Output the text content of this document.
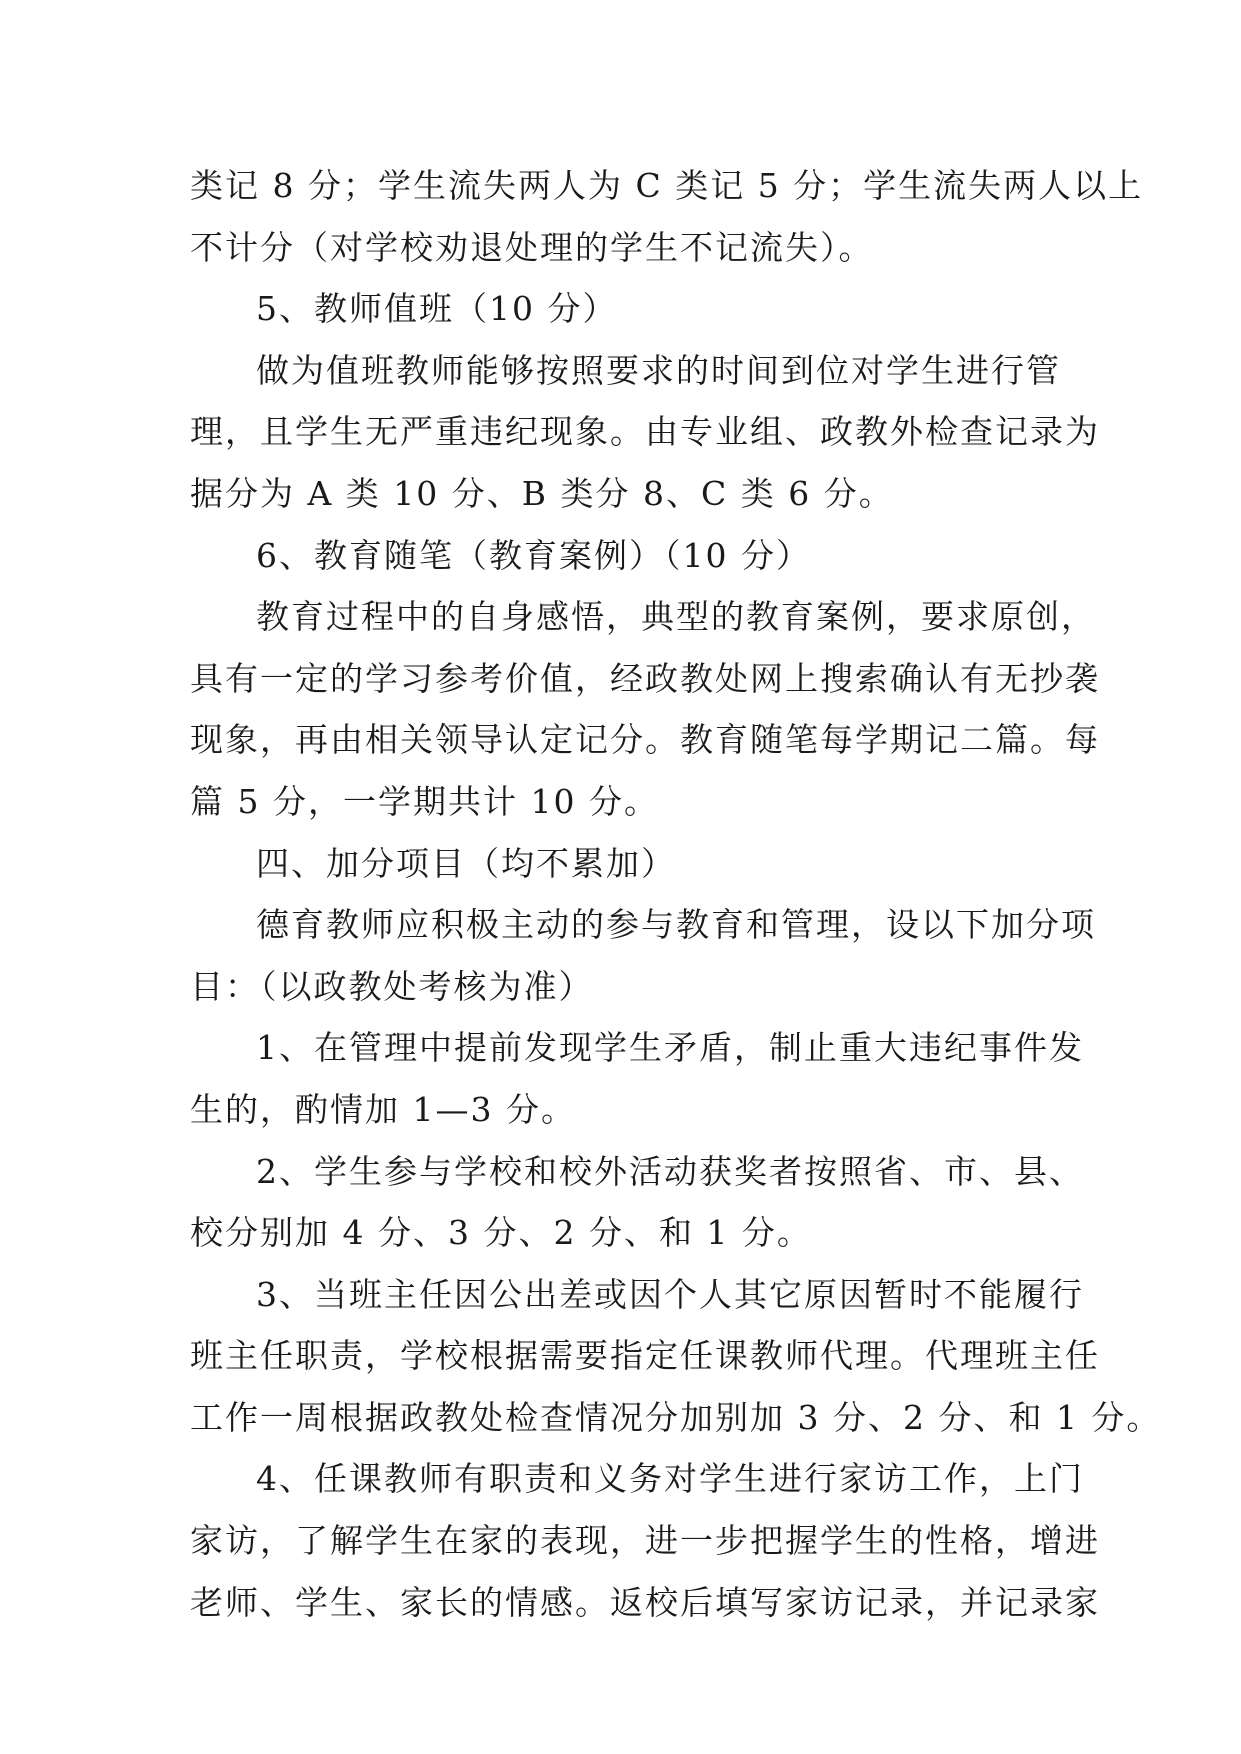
类记 8 分；学生流失两人为 C 类记 5 分；学生流失两人以上
不计分（对学校劝退处理的学生不记流失）。
5、教师值班（10 分）
做为值班教师能够按照要求的时间到位对学生进行管
理，且学生无严重违纪现象。由专业组、政教外检查记录为
据分为 A 类 10 分、B 类分 8、C 类 6 分。
6、教育随笔（教育案例）（10 分）
教育过程中的自身感悟，典型的教育案例，要求原创，
具有一定的学习参考价值，经政教处网上搜索确认有无抄袭
现象，再由相关领导认定记分。教育随笔每学期记二篇。每
篇 5 分，一学期共计 10 分。
四、加分项目（均不累加）
德育教师应积极主动的参与教育和管理，设以下加分项
目：（以政教处考核为准）
1、在管理中提前发现学生矛盾，制止重大违纪事件发
生的，酌情加 1—3 分。
2、学生参与学校和校外活动获奖者按照省、市、县、
校分别加 4 分、3 分、2 分、和 1 分。
3、当班主任因公出差或因个人其它原因暂时不能履行
班主任职责，学校根据需要指定任课教师代理。代理班主任
工作一周根据政教处检查情况分加别加 3 分、2 分、和 1 分。
4、任课教师有职责和义务对学生进行家访工作，上门
家访，了解学生在家的表现，进一步把握学生的性格，增进
老师、学生、家长的情感。返校后填写家访记录，并记录家
